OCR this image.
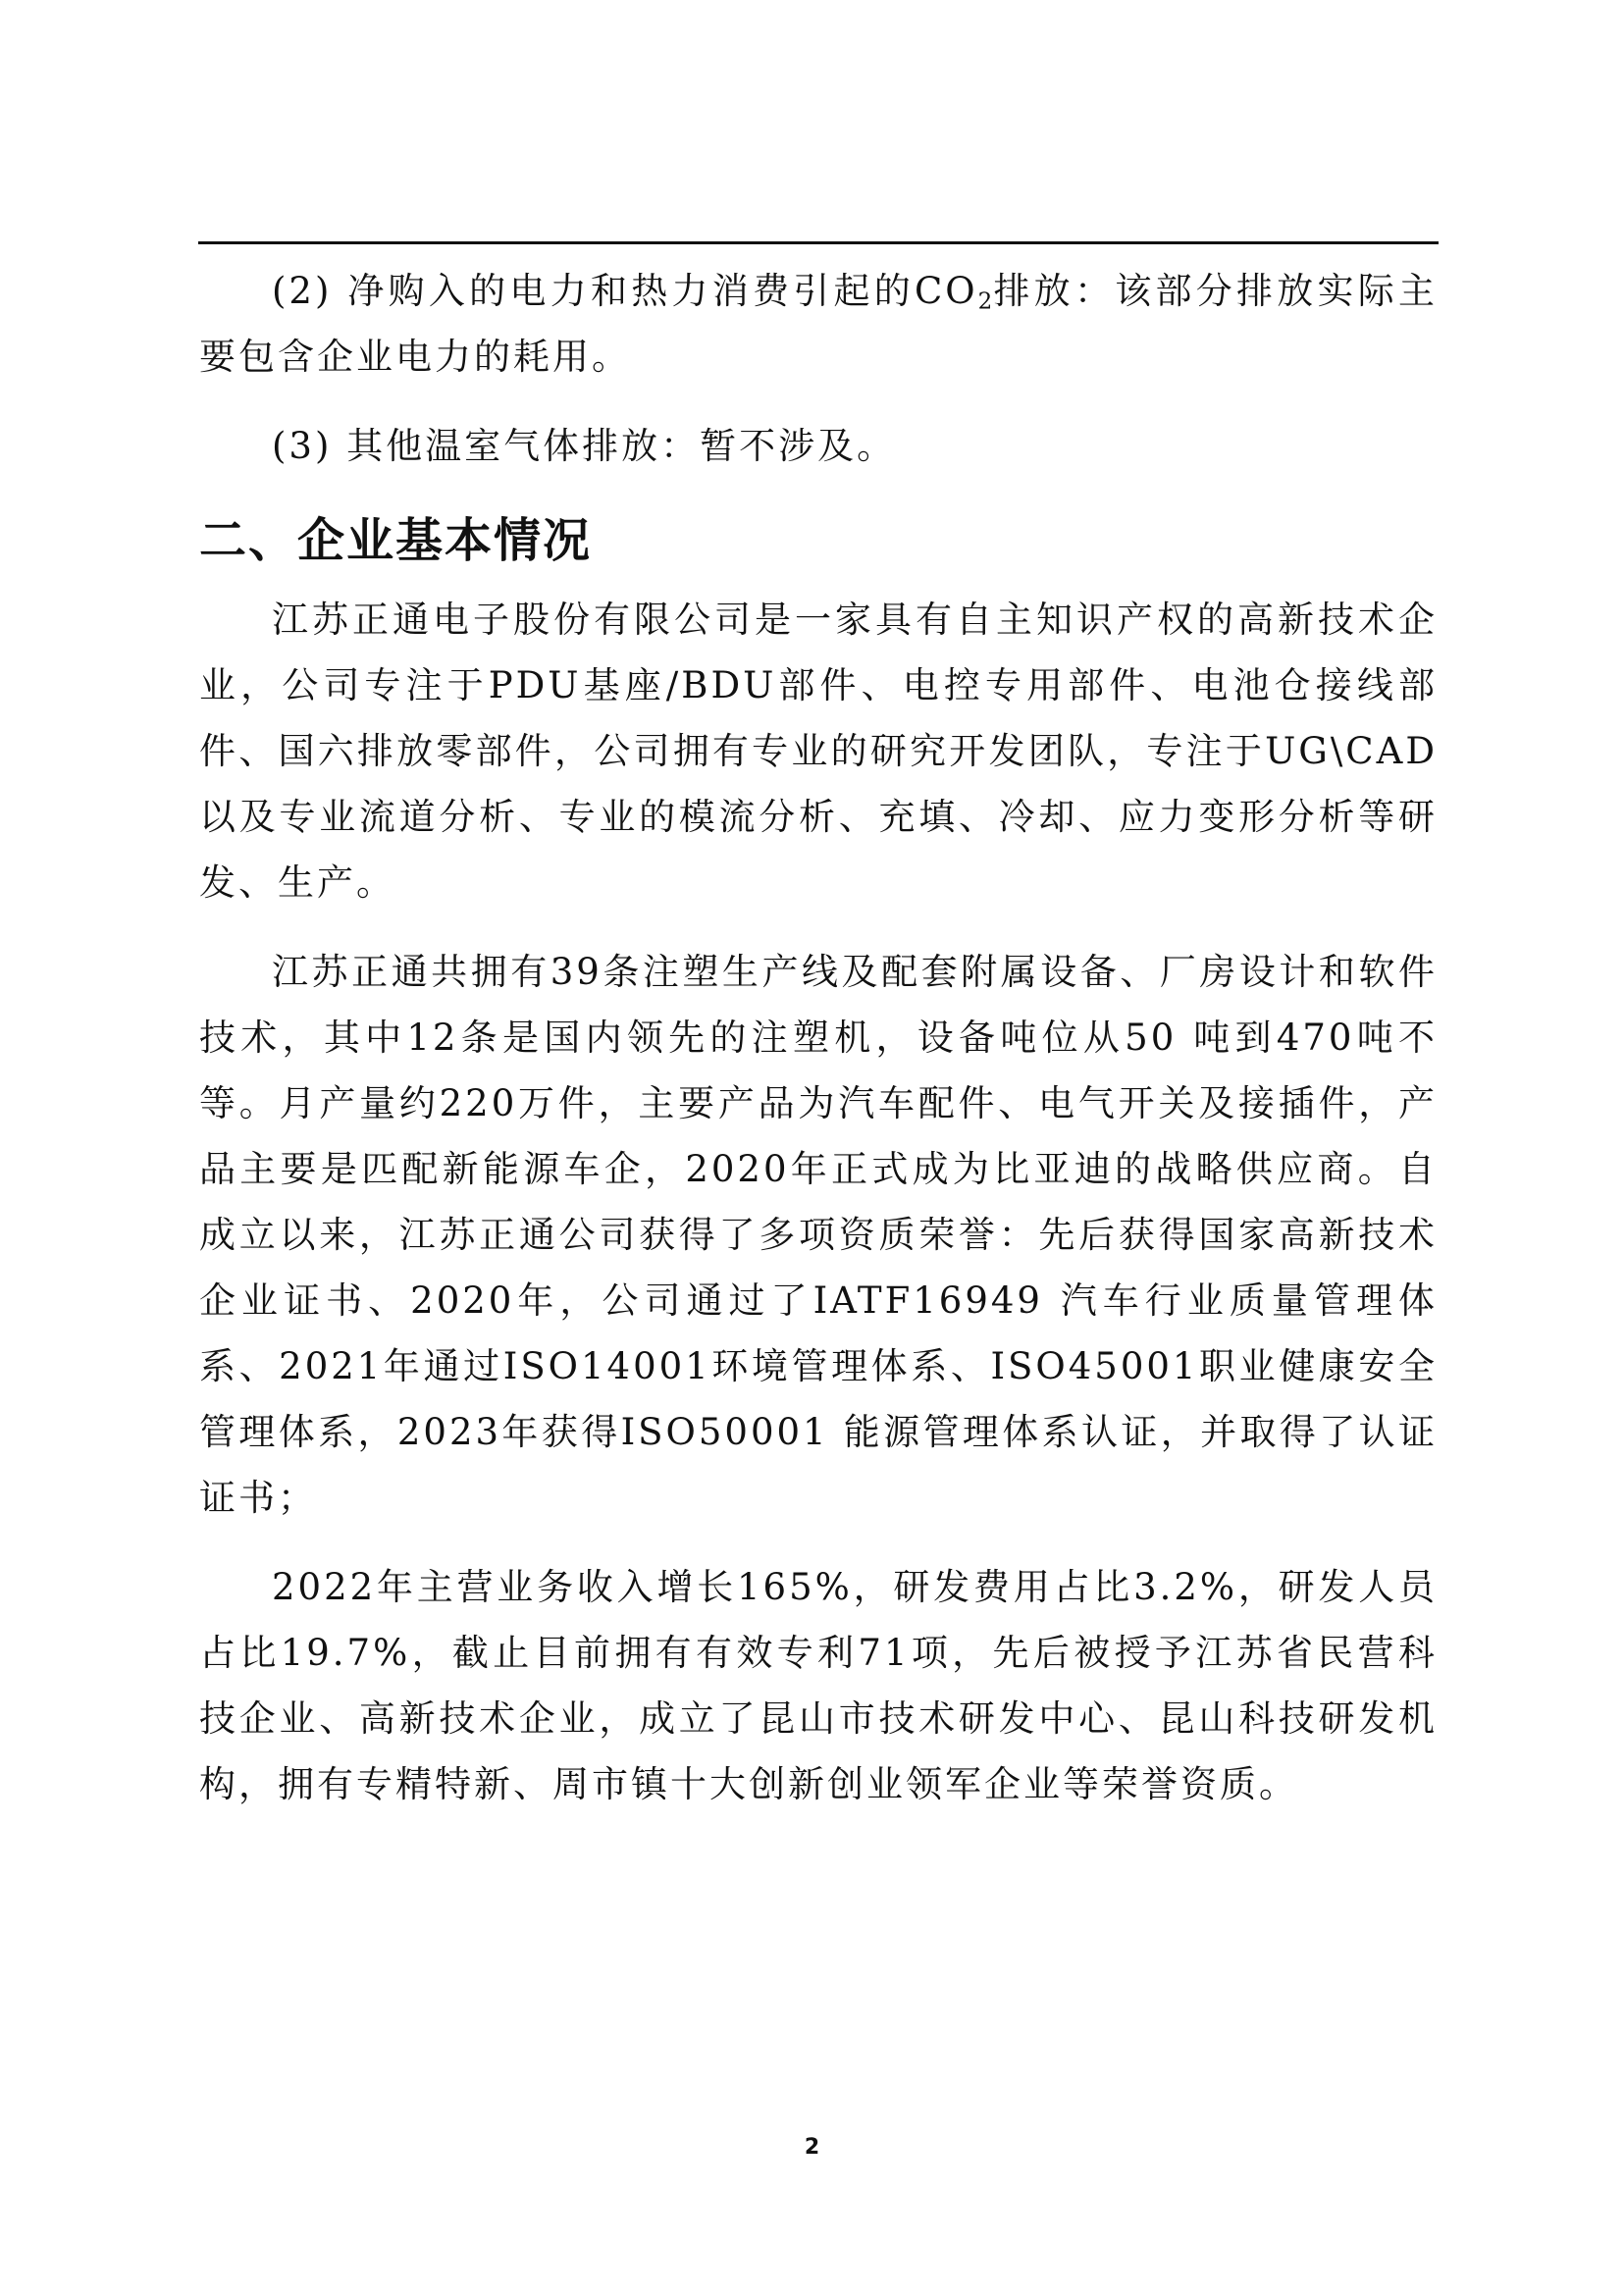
(2) 净购入的电力和热力消费引起的$CO_2$排放：该部分排放实际主要包含企业电力的耗用。

(3) 其他温室气体排放：暂不涉及。

二、企业基本情况

江苏正通电子股份有限公司是一家具有自主知识产权的高新技术企业，公司专注于PDU基座/BDU部件、电控专用部件、电池仓接线部件、国六排放零部件，公司拥有专业的研究开发团队，专注于UG\CAD以及专业流道分析、专业的模流分析、充填、冷却、应力变形分析等研发、生产。

江苏正通共拥有39条注塑生产线及配套附属设备、厂房设计和软件技术，其中12条是国内领先的注塑机，设备吨位从50 吨到470吨不等。月产量约220万件，主要产品为汽车配件、电气开关及接插件，产品主要是匹配新能源车企，2020年正式成为比亚迪的战略供应商。自成立以来，江苏正通公司获得了多项资质荣誉：先后获得国家高新技术企业证书、2020年，公司通过了IATF16949 汽车行业质量管理体系、2021年通过ISO14001环境管理体系、ISO45001职业健康安全管理体系，2023年获得ISO50001 能源管理体系认证，并取得了认证证书；

2022年主营业务收入增长165%，研发费用占比3.2%，研发人员占比19.7%，截止目前拥有有效专利71项，先后被授予江苏省民营科技企业、高新技术企业，成立了昆山市技术研发中心、昆山科技研发机构，拥有专精特新、周市镇十大创新创业领军企业等荣誉资质。

2
